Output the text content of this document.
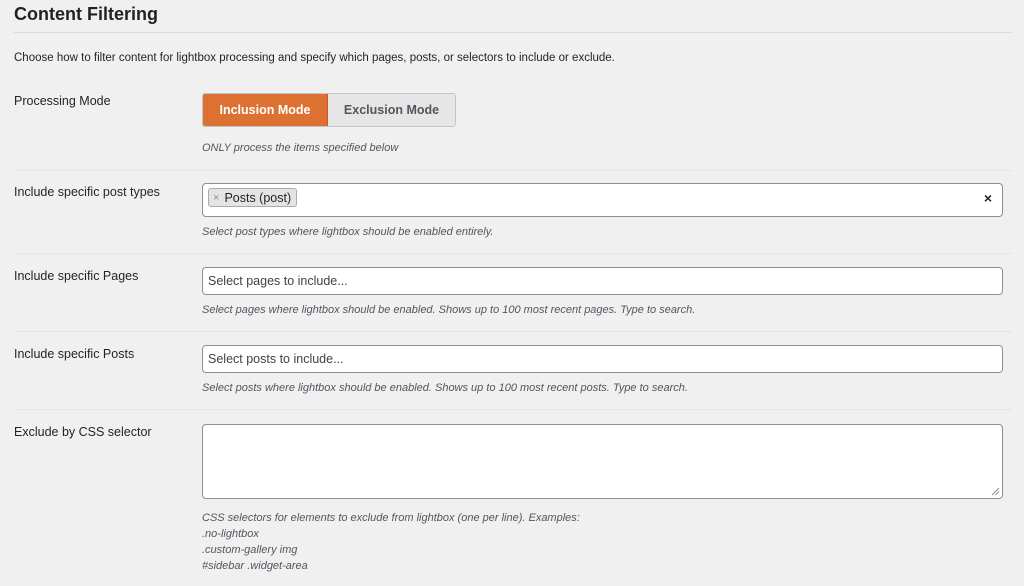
Content Filtering
Choose how to filter content for lightbox processing and specify which pages, posts, or selectors to include or exclude.
Processing Mode
Inclusion Mode	Exclusion Mode
ONLY process the items specified below
Include specific post types	× Posts (post)	×
Select post types where lightbox should be enabled entirely.
Include specific Pages	Select pages to include...
Select pages where lightbox should be enabled. Shows up to 100 most recent pages. Type to search.
Include specific Posts	Select posts to include...
Select posts where lightbox should be enabled. Shows up to 100 most recent posts. Type to search.
Exclude by CSS selector
CSS selectors for elements to exclude from lightbox (one per line). Examples:
.no-lightbox
.custom-gallery img
#sidebar .widget-area
